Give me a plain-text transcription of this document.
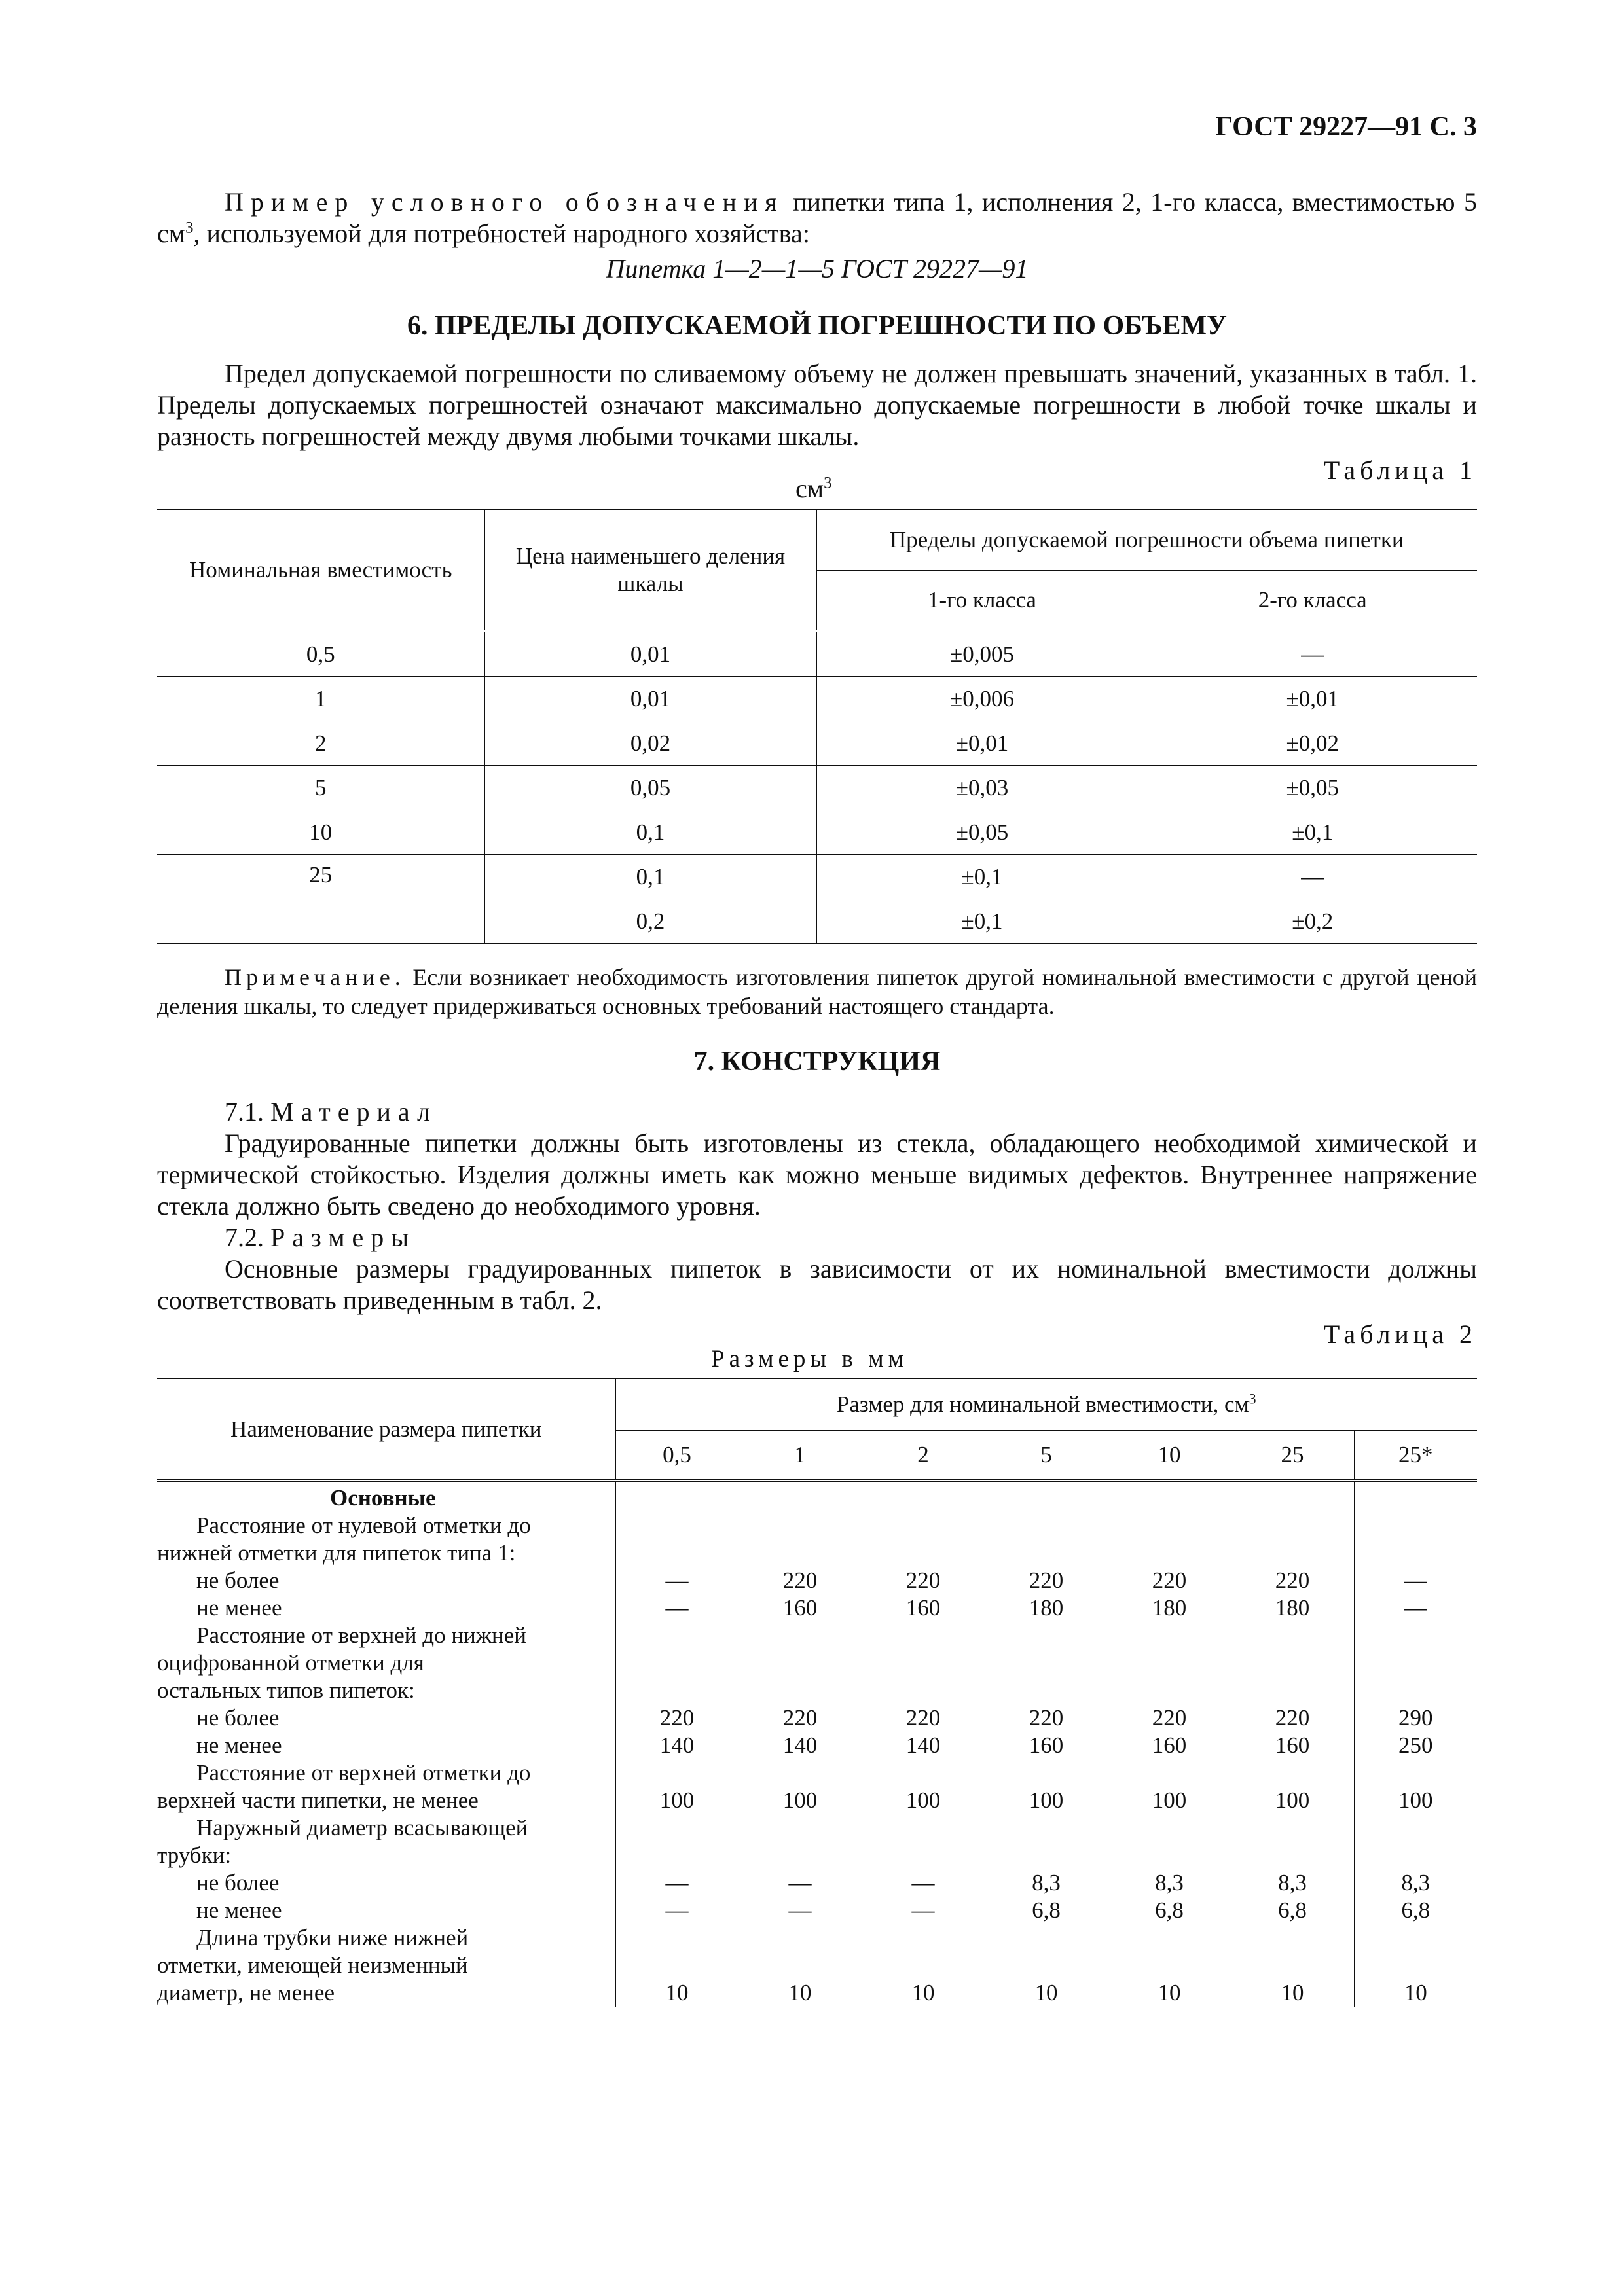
ГОСТ 29227—91 С. 3

Пример условного обозначения пипетки типа 1, исполнения 2, 1-го класса, вместимостью 5 $см^3$, используемой для потребностей народного хозяйства:

Пипетка 1—2—1—5 ГОСТ 29227—91

6. ПРЕДЕЛЫ ДОПУСКАЕМОЙ ПОГРЕШНОСТИ ПО ОБЪЕМУ

Предел допускаемой погрешности по сливаемому объему не должен превышать значений, указанных в табл. 1. Пределы допускаемых погрешностей означают максимально допускаемые погрешности в любой точке шкалы и разность погрешностей между двумя любыми точками шкалы.

Таблица 1
$см^3$
Номинальная вместимость	Цена наименьшего деления шкалы	Пределы допускаемой погрешности объема пипетки	
		1-го класса	2-го класса
0,5	0,01	±0,005	—
1	0,01	±0,006	±0,01
2	0,02	±0,01	±0,02
5	0,05	±0,03	±0,05
10	0,1	±0,05	±0,1
25	0,1	±0,1	—
	0,2	±0,1	±0,2

Примечание. Если возникает необходимость изготовления пипеток другой номинальной вместимости с другой ценой деления шкалы, то следует придерживаться основных требований настоящего стандарта.

7. КОНСТРУКЦИЯ

7.1. Материал

Градуированные пипетки должны быть изготовлены из стекла, обладающего необходимой химической и термической стойкостью. Изделия должны иметь как можно меньше видимых дефектов. Внутреннее напряжение стекла должно быть сведено до необходимого уровня.

7.2. Размеры

Основные размеры градуированных пипеток в зависимости от их номинальной вместимости должны соответствовать приведенным в табл. 2.

Таблица 2
Размеры в мм
Наименование размера пипетки	Размер для номинальной вместимости, $см^3$
	0,5	1	2	5	10	25	25*
Основные							
Расстояние от нулевой отметки до							
нижней отметки для пипеток типа 1:							
не более	—	220	220	220	220	220	—
не менее	—	160	160	180	180	180	—
Расстояние от верхней до нижней							
оцифрованной отметки для							
остальных типов пипеток:							
не более	220	220	220	220	220	220	290
не менее	140	140	140	160	160	160	250
Расстояние от верхней отметки до							
верхней части пипетки, не менее	100	100	100	100	100	100	100
Наружный диаметр всасывающей							
трубки:							
не более	—	—	—	8,3	8,3	8,3	8,3
не менее	—	—	—	6,8	6,8	6,8	6,8
Длина трубки ниже нижней							
отметки, имеющей неизменный							
диаметр, не менее	10	10	10	10	10	10	10
